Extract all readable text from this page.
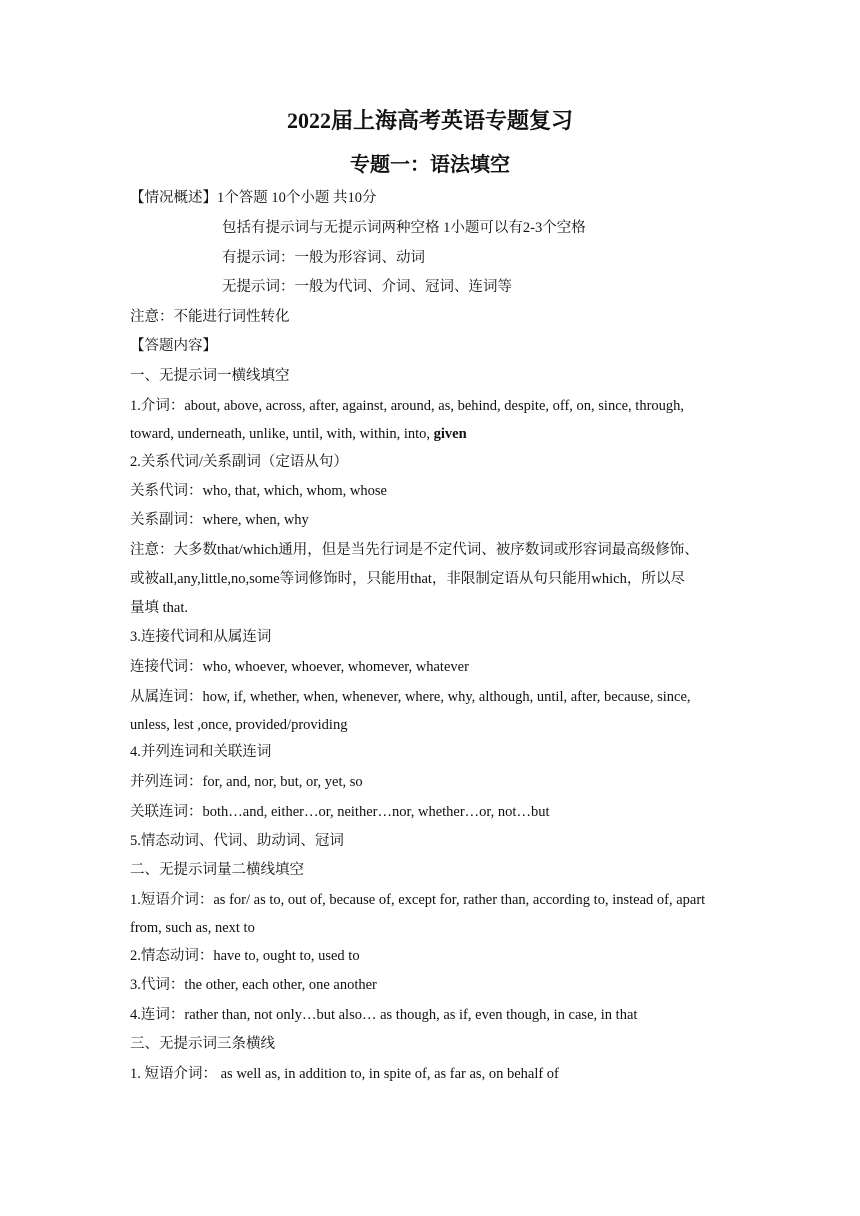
2022届上海高考英语专题复习
专题一：语法填空
【情况概述】1个答题 10个小题 共10分
包括有提示词与无提示词两种空格 1小题可以有2-3个空格
有提示词：一般为形容词、动词
无提示词：一般为代词、介词、冠词、连词等
注意：不能进行词性转化
【答题内容】
一、无提示词一横线填空
1.介词：about, above, across, after, against, around, as, behind, despite, off, on, since, through,
toward, underneath, unlike, until, with, within, into, given
2.关系代词/关系副词（定语从句）
关系代词：who, that, which, whom, whose
关系副词：where, when, why
注意：大多数that/which通用，但是当先行词是不定代词、被序数词或形容词最高级修饰、
或被all,any,little,no,some等词修饰时，只能用that，非限制定语从句只能用which，所以尽
量填 that.
3.连接代词和从属连词
连接代词：who, whoever, whoever, whomever, whatever
从属连词：how, if, whether, when, whenever, where, why, although, until, after, because, since,
unless, lest ,once, provided/providing
4.并列连词和关联连词
并列连词：for, and, nor, but, or, yet, so
关联连词：both…and, either…or, neither…nor, whether…or, not…but
5.情态动词、代词、助动词、冠词
二、无提示词量二横线填空
1.短语介词：as for/ as to, out of, because of, except for, rather than, according to, instead of, apart
from, such as, next to
2.情态动词：have to, ought to, used to
3.代词：the other, each other, one another
4.连词：rather than, not only…but also… as though, as if, even though, in case, in that
三、无提示词三条横线
1. 短语介词： as well as, in addition to, in spite of, as far as, on behalf of
